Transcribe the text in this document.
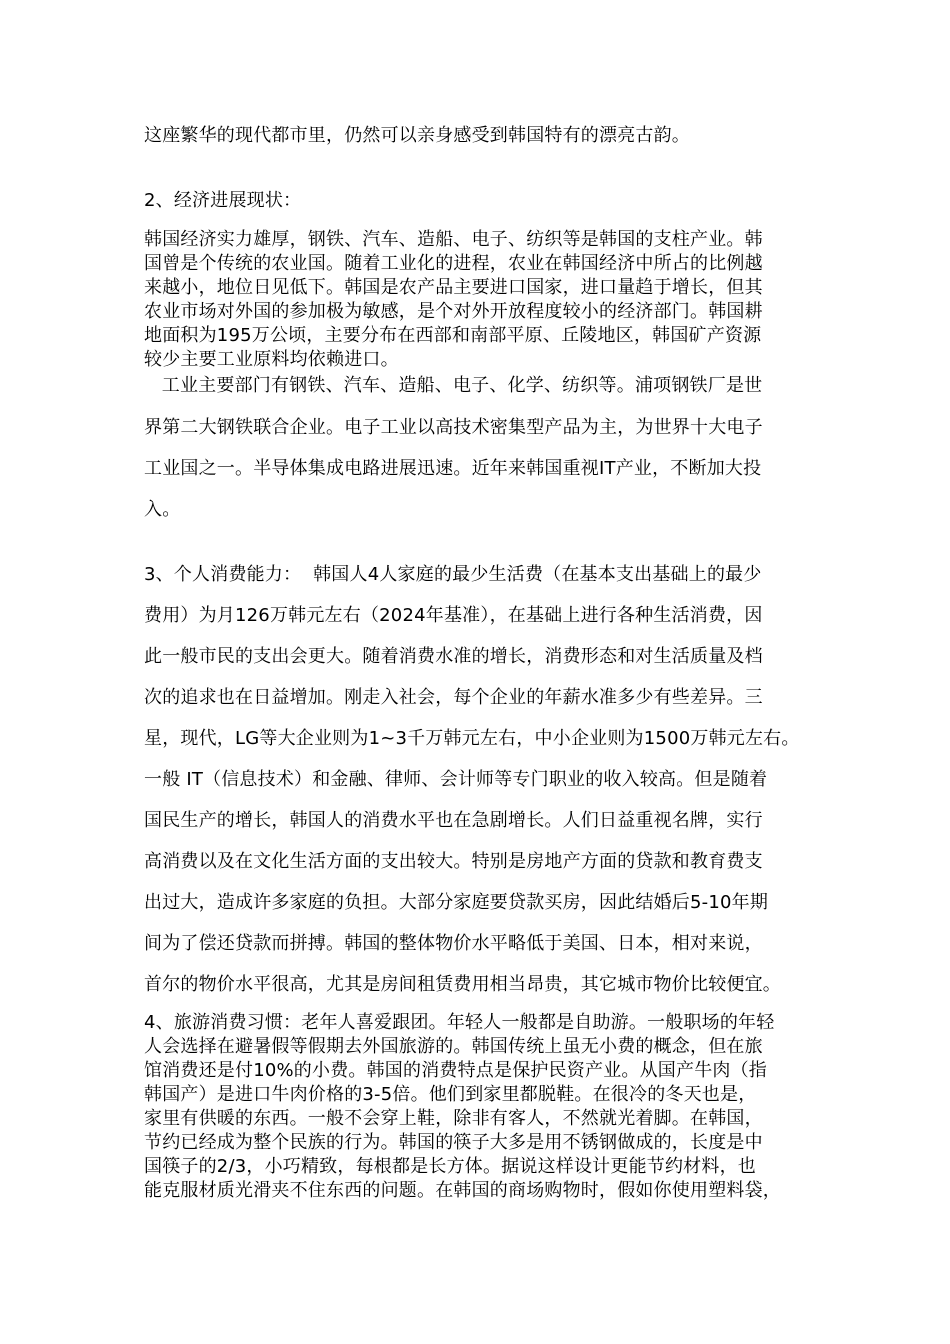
这座繁华的现代都市里，仍然可以亲身感受到韩国特有的漂亮古韵。
2、经济进展现状：
韩国经济实力雄厚，钢铁、汽车、造船、电子、纺织等是韩国的支柱产业。韩
国曾是个传统的农业国。随着工业化的进程，农业在韩国经济中所占的比例越
来越小，地位日见低下。韩国是农产品主要进口国家，进口量趋于增长，但其
农业市场对外国的参加极为敏感，是个对外开放程度较小的经济部门。韩国耕
地面积为195万公顷，主要分布在西部和南部平原、丘陵地区，韩国矿产资源
较少主要工业原料均依赖进口。
工业主要部门有钢铁、汽车、造船、电子、化学、纺织等。浦项钢铁厂是世
界第二大钢铁联合企业。电子工业以高技术密集型产品为主，为世界十大电子
工业国之一。半导体集成电路进展迅速。近年来韩国重视IT产业，不断加大投
入。
3、个人消费能力：  韩国人4人家庭的最少生活费（在基本支出基础上的最少
费用）为月126万韩元左右（2024年基准），在基础上进行各种生活消费，因
此一般市民的支出会更大。随着消费水准的增长，消费形态和对生活质量及档
次的追求也在日益增加。刚走入社会，每个企业的年薪水准多少有些差异。三
星，现代，LG等大企业则为1~3千万韩元左右，中小企业则为1500万韩元左右。
一般 IT（信息技术）和金融、律师、会计师等专门职业的收入较高。但是随着
国民生产的增长，韩国人的消费水平也在急剧增长。人们日益重视名牌，实行
高消费以及在文化生活方面的支出较大。特别是房地产方面的贷款和教育费支
出过大，造成许多家庭的负担。大部分家庭要贷款买房，因此结婚后5-10年期
间为了偿还贷款而拼搏。韩国的整体物价水平略低于美国、日本，相对来说，
首尔的物价水平很高，尤其是房间租赁费用相当昂贵，其它城市物价比较便宜。
4、旅游消费习惯：老年人喜爱跟团。年轻人一般都是自助游。一般职场的年轻
人会选择在避暑假等假期去外国旅游的。韩国传统上虽无小费的概念，但在旅
馆消费还是付10%的小费。韩国的消费特点是保护民资产业。从国产牛肉（指
韩国产）是进口牛肉价格的3-5倍。他们到家里都脱鞋。在很冷的冬天也是，
家里有供暖的东西。一般不会穿上鞋，除非有客人，不然就光着脚。在韩国，
节约已经成为整个民族的行为。韩国的筷子大多是用不锈钢做成的，长度是中
国筷子的2/3，小巧精致，每根都是长方体。据说这样设计更能节约材料，也
能克服材质光滑夹不住东西的问题。在韩国的商场购物时，假如你使用塑料袋，
